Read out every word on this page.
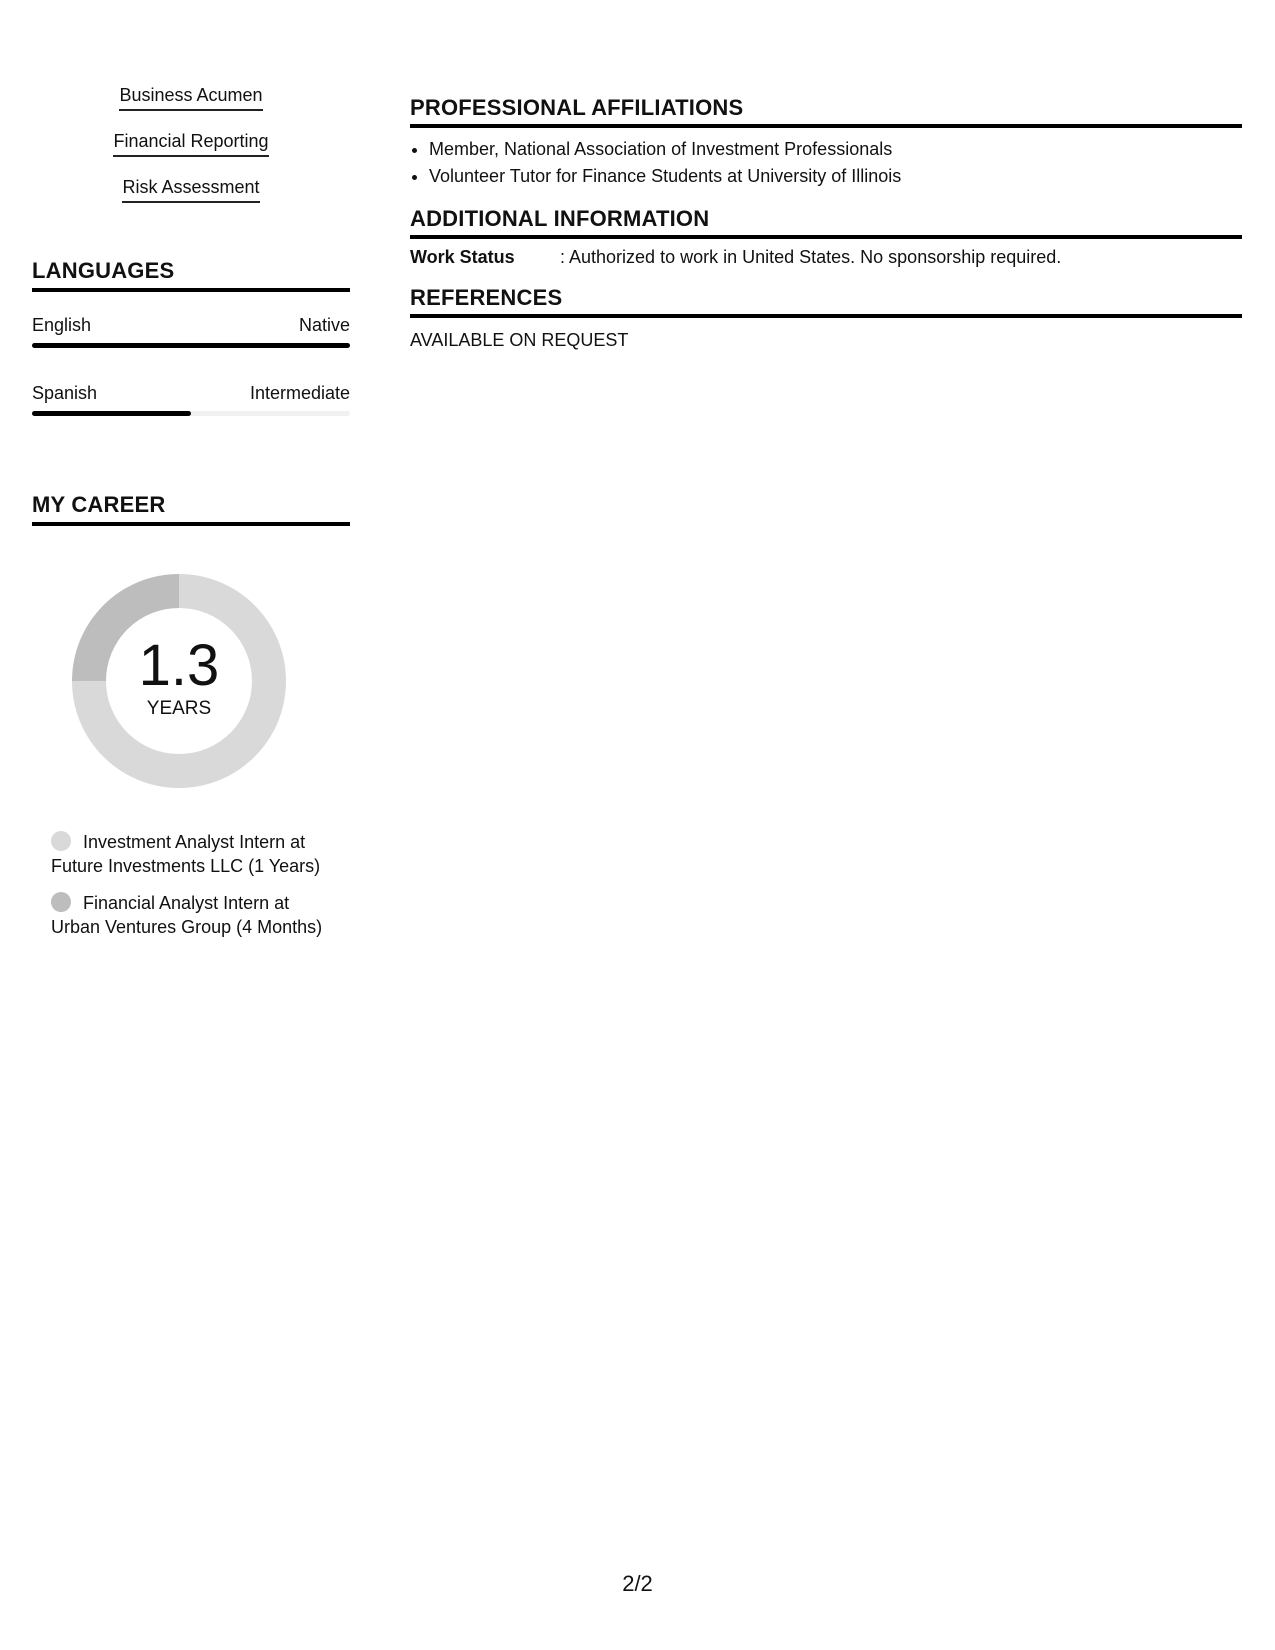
Business Acumen
Financial Reporting
Risk Assessment
LANGUAGES
English	Native
Spanish	Intermediate
MY CAREER
1.3
YEARS
Investment Analyst Intern at Future Investments LLC (1 Years)
Financial Analyst Intern at Urban Ventures Group (4 Months)
PROFESSIONAL AFFILIATIONS
• Member, National Association of Investment Professionals
• Volunteer Tutor for Finance Students at University of Illinois
ADDITIONAL INFORMATION
Work Status	: Authorized to work in United States. No sponsorship required.
REFERENCES
AVAILABLE ON REQUEST
2/2
